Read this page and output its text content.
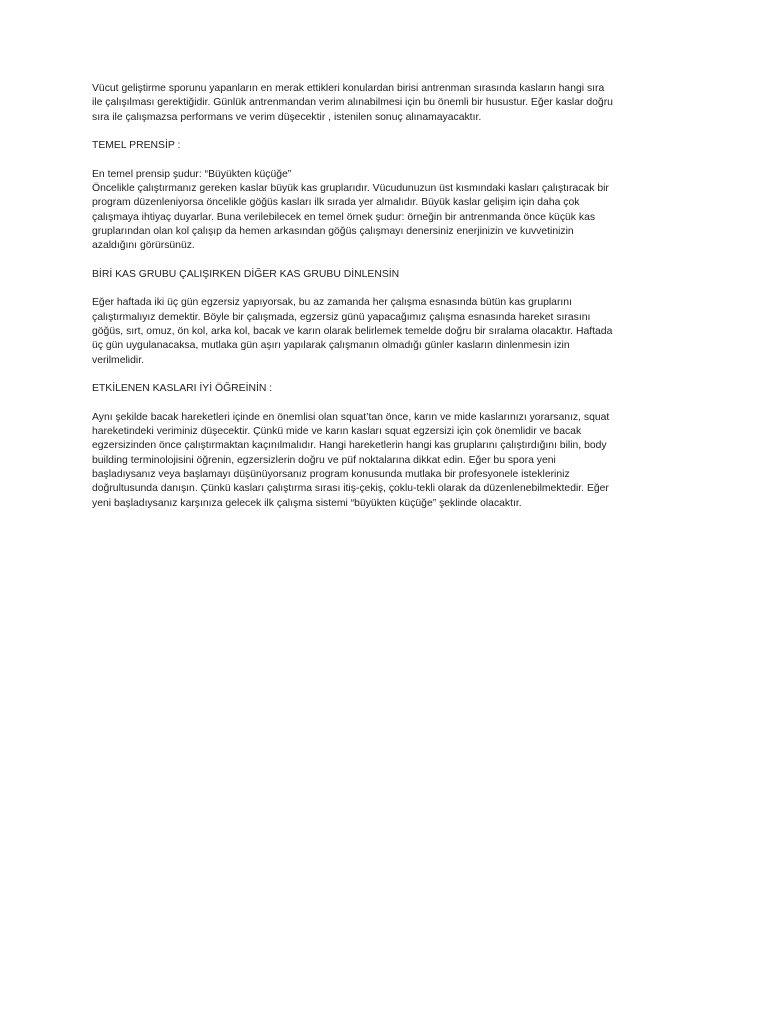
Vücut geliştirme sporunu yapanların en merak ettikleri konulardan birisi antrenman sırasında kasların hangi sıra
ile çalışılması gerektiğidir. Günlük antrenmandan verim alınabilmesi için bu önemli bir husustur. Eğer kaslar doğru
sıra ile çalışmazsa performans ve verim düşecektir , istenilen sonuç alınamayacaktır.

TEMEL PRENSİP :

En temel prensip şudur: “Büyükten küçüğe”

Öncelikle çalıştırmanız gereken kaslar büyük kas gruplarıdır. Vücudunuzun üst kısmındaki kasları çalıştıracak bir
program düzenleniyorsa öncelikle göğüs kasları ilk sırada yer almalıdır. Büyük kaslar gelişim için daha çok
çalışmaya ihtiyaç duyarlar. Buna verilebilecek en temel örnek şudur: örneğin bir antrenmanda önce küçük kas
gruplarından olan kol çalışıp da hemen arkasından göğüs çalışmayı denersiniz enerjinizin ve kuvvetinizin
azaldığını görürsünüz.

BİRİ KAS GRUBU ÇALIŞIRKEN DİĞER KAS GRUBU DİNLENSİN

Eğer haftada iki üç gün egzersiz yapıyorsak, bu az zamanda her çalışma esnasında bütün kas gruplarını
çalıştırmalıyız demektir. Böyle bir çalışmada, egzersiz günü yapacağımız çalışma esnasında hareket sırasını
göğüs, sırt, omuz, ön kol, arka kol, bacak ve karın olarak belirlemek temelde doğru bir sıralama olacaktır. Haftada
üç gün uygulanacaksa, mutlaka gün aşırı yapılarak çalışmanın olmadığı günler kasların dinlenmesin izin
verilmelidir.

ETKİLENEN KASLARI İYİ ÖĞREİNİN :

Aynı şekilde bacak hareketleri içinde en önemlisi olan squat’tan önce, karın ve mide kaslarınızı yorarsanız, squat
hareketindeki veriminiz düşecektir. Çünkü mide ve karın kasları squat egzersizi için çok önemlidir ve bacak
egzersizinden önce çalıştırmaktan kaçınılmalıdır. Hangi hareketlerin hangi kas gruplarını çalıştırdığını bilin, body
building terminolojisini öğrenin, egzersizlerin doğru ve püf noktalarına dikkat edin. Eğer bu spora yeni
başladıysanız veya başlamayı düşünüyorsanız program konusunda mutlaka bir profesyonele istekleriniz
doğrultusunda danışın. Çünkü kasları çalıştırma sırası itiş-çekiş, çoklu-tekli olarak da düzenlenebilmektedir. Eğer
yeni başladıysanız karşınıza gelecek ilk çalışma sistemi “büyükten küçüğe” şeklinde olacaktır.
